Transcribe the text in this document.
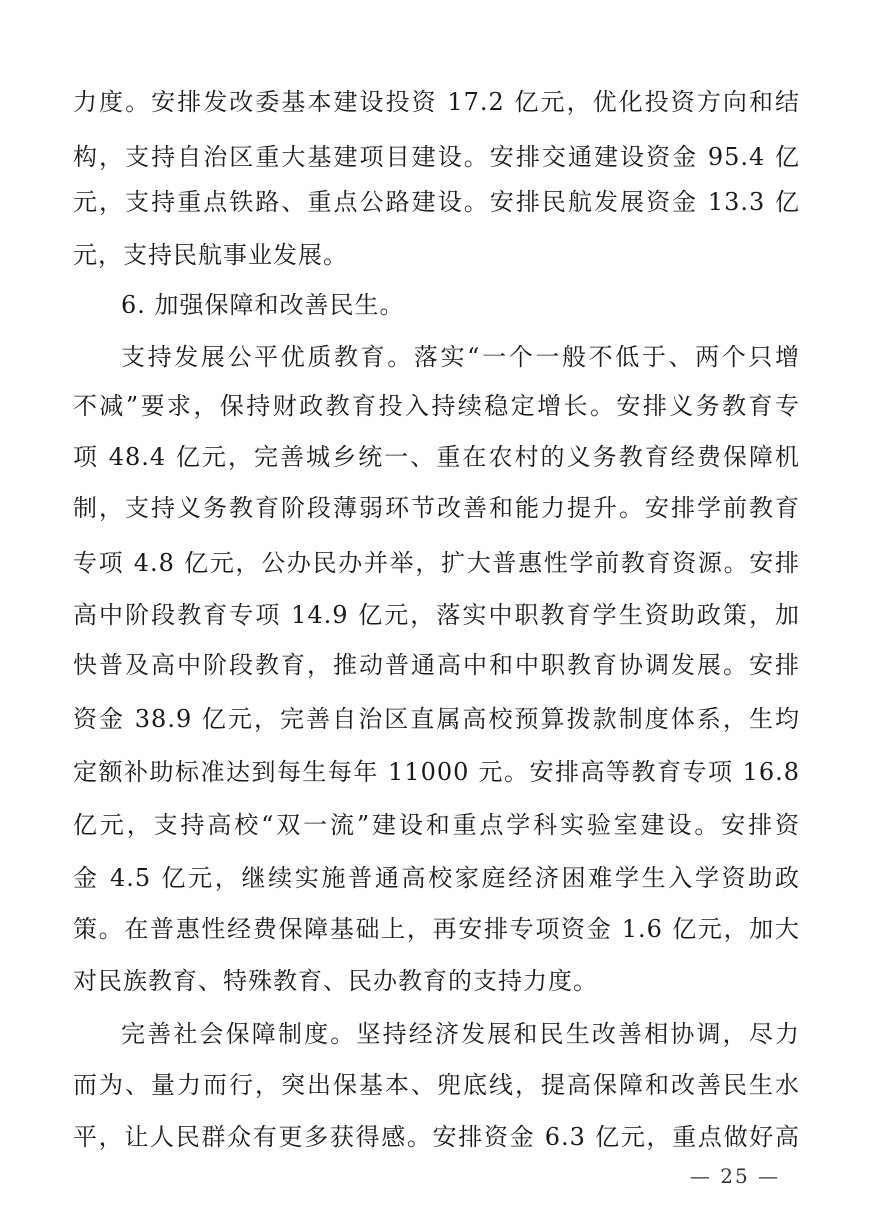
力度。安排发改委基本建设投资 17.2 亿元，优化投资方向和结
构，支持自治区重大基建项目建设。安排交通建设资金 95.4 亿
元，支持重点铁路、重点公路建设。安排民航发展资金 13.3 亿
元，支持民航事业发展。
6. 加强保障和改善民生。
支持发展公平优质教育。落实“一个一般不低于、两个只增
不减”要求，保持财政教育投入持续稳定增长。安排义务教育专
项 48.4 亿元，完善城乡统一、重在农村的义务教育经费保障机
制，支持义务教育阶段薄弱环节改善和能力提升。安排学前教育
专项 4.8 亿元，公办民办并举，扩大普惠性学前教育资源。安排
高中阶段教育专项 14.9 亿元，落实中职教育学生资助政策，加
快普及高中阶段教育，推动普通高中和中职教育协调发展。安排
资金 38.9 亿元，完善自治区直属高校预算拨款制度体系，生均
定额补助标准达到每生每年 11000 元。安排高等教育专项 16.8
亿元，支持高校“双一流”建设和重点学科实验室建设。安排资
金 4.5 亿元，继续实施普通高校家庭经济困难学生入学资助政
策。在普惠性经费保障基础上，再安排专项资金 1.6 亿元，加大
对民族教育、特殊教育、民办教育的支持力度。
完善社会保障制度。坚持经济发展和民生改善相协调，尽力
而为、量力而行，突出保基本、兜底线，提高保障和改善民生水
平，让人民群众有更多获得感。安排资金 6.3 亿元，重点做好高
— 25 —
